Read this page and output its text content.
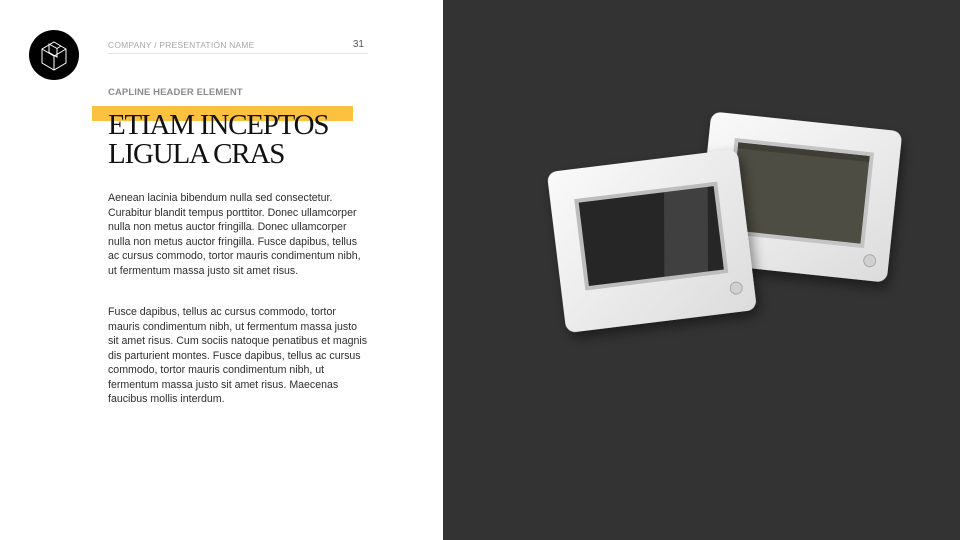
COMPANY / PRESENTATION NAME	31
CAPLINE HEADER ELEMENT
ETIAM INCEPTOS
LIGULA CRAS
Aenean lacinia bibendum nulla sed consectetur. Curabitur blandit tempus porttitor. Donec ullamcorper nulla non metus auctor fringilla. Donec ullamcorper nulla non metus auctor fringilla. Fusce dapibus, tellus ac cursus commodo, tortor mauris condimentum nibh, ut fermentum massa justo sit amet risus.
Fusce dapibus, tellus ac cursus commodo, tortor mauris condimentum nibh, ut fermentum massa justo sit amet risus. Cum sociis natoque penatibus et magnis dis parturient montes. Fusce dapibus, tellus ac cursus commodo, tortor mauris condimentum nibh, ut fermentum massa justo sit amet risus. Maecenas faucibus mollis interdum.
